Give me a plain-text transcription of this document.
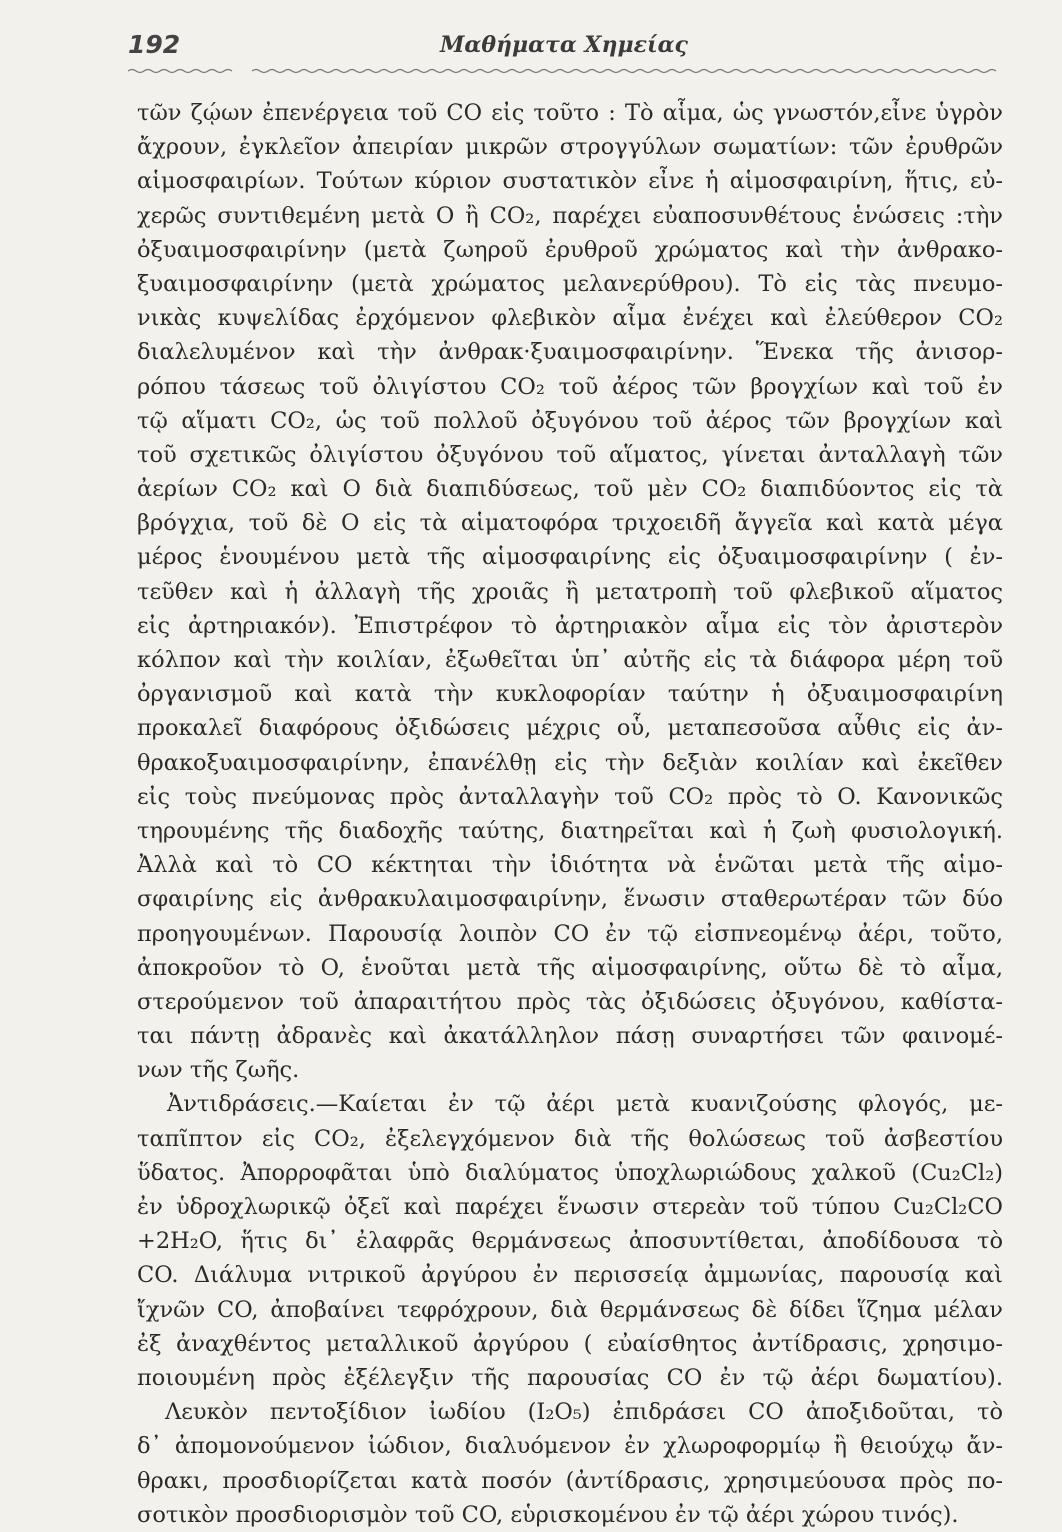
192	Μαθήματα Χημείας
τῶν ζῴων ἐπενέργεια τοῦ CO εἰς τοῦτο : Τὸ αἷμα, ὡς γνωστόν,εἶνε ὑγρὸν
ἄχρουν, ἐγκλεῖον ἀπειρίαν μικρῶν στρογγύλων σωματίων: τῶν ἐρυθρῶν
αἱμοσφαιρίων. Τούτων κύριον συστατικὸν εἶνε ἡ αἱμοσφαιρίνη, ἥτις, εὐ-
χερῶς συντιθεμένη μετὰ O ἢ CO₂, παρέχει εὐαποσυνθέτους ἑνώσεις :τὴν
ὀξυαιμοσφαιρίνην (μετὰ ζωηροῦ ἐρυθροῦ χρώματος καὶ τὴν ἀνθρακο-
ξυαιμοσφαιρίνην (μετὰ χρώματος μελανερύθρου). Τὸ εἰς τὰς πνευμο-
νικὰς κυψελίδας ἐρχόμενον φλεβικὸν αἷμα ἐνέχει καὶ ἐλεύθερον CO₂
διαλελυμένον καὶ τὴν ἀνθρακ·ξυαιμοσφαιρίνην. Ἕνεκα τῆς ἀνισορ-
ρόπου τάσεως τοῦ ὀλιγίστου CO₂ τοῦ ἀέρος τῶν βρογχίων καὶ τοῦ ἐν
τῷ αἵματι CO₂, ὡς τοῦ πολλοῦ ὀξυγόνου τοῦ ἀέρος τῶν βρογχίων καὶ
τοῦ σχετικῶς ὀλιγίστου ὀξυγόνου τοῦ αἵματος, γίνεται ἀνταλλαγὴ τῶν
ἀερίων CO₂ καὶ O διὰ διαπιδύσεως, τοῦ μὲν CO₂ διαπιδύοντος εἰς τὰ
βρόγχια, τοῦ δὲ O εἰς τὰ αἱματοφόρα τριχοειδῆ ἄγγεῖα καὶ κατὰ μέγα
μέρος ἑνουμένου μετὰ τῆς αἱμοσφαιρίνης εἰς ὀξυαιμοσφαιρίνην ( ἐν-
τεῦθεν καὶ ἡ ἀλλαγὴ τῆς χροιᾶς ἢ μετατροπὴ τοῦ φλεβικοῦ αἵματος
εἰς ἀρτηριακόν). Ἐπιστρέφον τὸ ἀρτηριακὸν αἷμα εἰς τὸν ἀριστερὸν
κόλπον καὶ τὴν κοιλίαν, ἐξωθεῖται ὑπ᾽ αὐτῆς εἰς τὰ διάφορα μέρη τοῦ
ὀργανισμοῦ καὶ κατὰ τὴν κυκλοφορίαν ταύτην ἡ ὀξυαιμοσφαιρίνη
προκαλεῖ διαφόρους ὀξιδώσεις μέχρις οὗ, μεταπεσοῦσα αὖθις εἰς ἀν-
θρακοξυαιμοσφαιρίνην, ἐπανέλθῃ εἰς τὴν δεξιὰν κοιλίαν καὶ ἐκεῖθεν
εἰς τοὺς πνεύμονας πρὸς ἀνταλλαγὴν τοῦ CO₂ πρὸς τὸ O. Κανονικῶς
τηρουμένης τῆς διαδοχῆς ταύτης, διατηρεῖται καὶ ἡ ζωὴ φυσιολογική.
Ἀλλὰ καὶ τὸ CO κέκτηται τὴν ἰδιότητα νὰ ἑνῶται μετὰ τῆς αἱμο-
σφαιρίνης εἰς ἀνθρακυλαιμοσφαιρίνην, ἕνωσιν σταθερωτέραν τῶν δύο
προηγουμένων. Παρουσίᾳ λοιπὸν CO ἐν τῷ εἰσπνεομένῳ ἀέρι, τοῦτο,
ἀποκροῦον τὸ O, ἑνοῦται μετὰ τῆς αἱμοσφαιρίνης, οὕτω δὲ τὸ αἷμα,
στερούμενον τοῦ ἀπαραιτήτου πρὸς τὰς ὀξιδώσεις ὀξυγόνου, καθίστα-
ται πάντῃ ἀδρανὲς καὶ ἀκατάλληλον πάσῃ συναρτήσει τῶν φαινομέ-
νων τῆς ζωῆς.
Ἀντιδράσεις.—Καίεται ἐν τῷ ἀέρι μετὰ κυανιζούσης φλογός, με-
ταπῖπτον εἰς CO₂, ἐξελεγχόμενον διὰ τῆς θολώσεως τοῦ ἀσβεστίου
ὕδατος. Ἀπορροφᾶται ὑπὸ διαλύματος ὑποχλωριώδους χαλκοῦ (Cu₂Cl₂)
ἐν ὑδροχλωρικῷ ὀξεῖ καὶ παρέχει ἕνωσιν στερεὰν τοῦ τύπου Cu₂Cl₂CO
+2H₂O, ἥτις δι᾽ ἐλαφρᾶς θερμάνσεως ἀποσυντίθεται, ἀποδίδουσα τὸ
CO. Διάλυμα νιτρικοῦ ἀργύρου ἐν περισσείᾳ ἀμμωνίας, παρουσίᾳ καὶ
ἴχνῶν CO, ἀποβαίνει τεφρόχρουν, διὰ θερμάνσεως δὲ δίδει ἵζημα μέλαν
ἐξ ἀναχθέντος μεταλλικοῦ ἀργύρου ( εὐαίσθητος ἀντίδρασις, χρησιμο-
ποιουμένη πρὸς ἐξέλεγξιν τῆς παρουσίας CO ἐν τῷ ἀέρι δωματίου).
Λευκὸν πεντοξίδιον ἰωδίου (I₂O₅) ἐπιδράσει CO ἀποξιδοῦται, τὸ
δ᾽ ἀπομονούμενον ἰώδιον, διαλυόμενον ἐν χλωροφορμίῳ ἢ θειούχῳ ἄν-
θρακι, προσδιορίζεται κατὰ ποσόν (ἀντίδρασις, χρησιμεύουσα πρὸς πο-
σοτικὸν προσδιορισμὸν τοῦ CO, εὑρισκομένου ἐν τῷ ἀέρι χώρου τινός).
